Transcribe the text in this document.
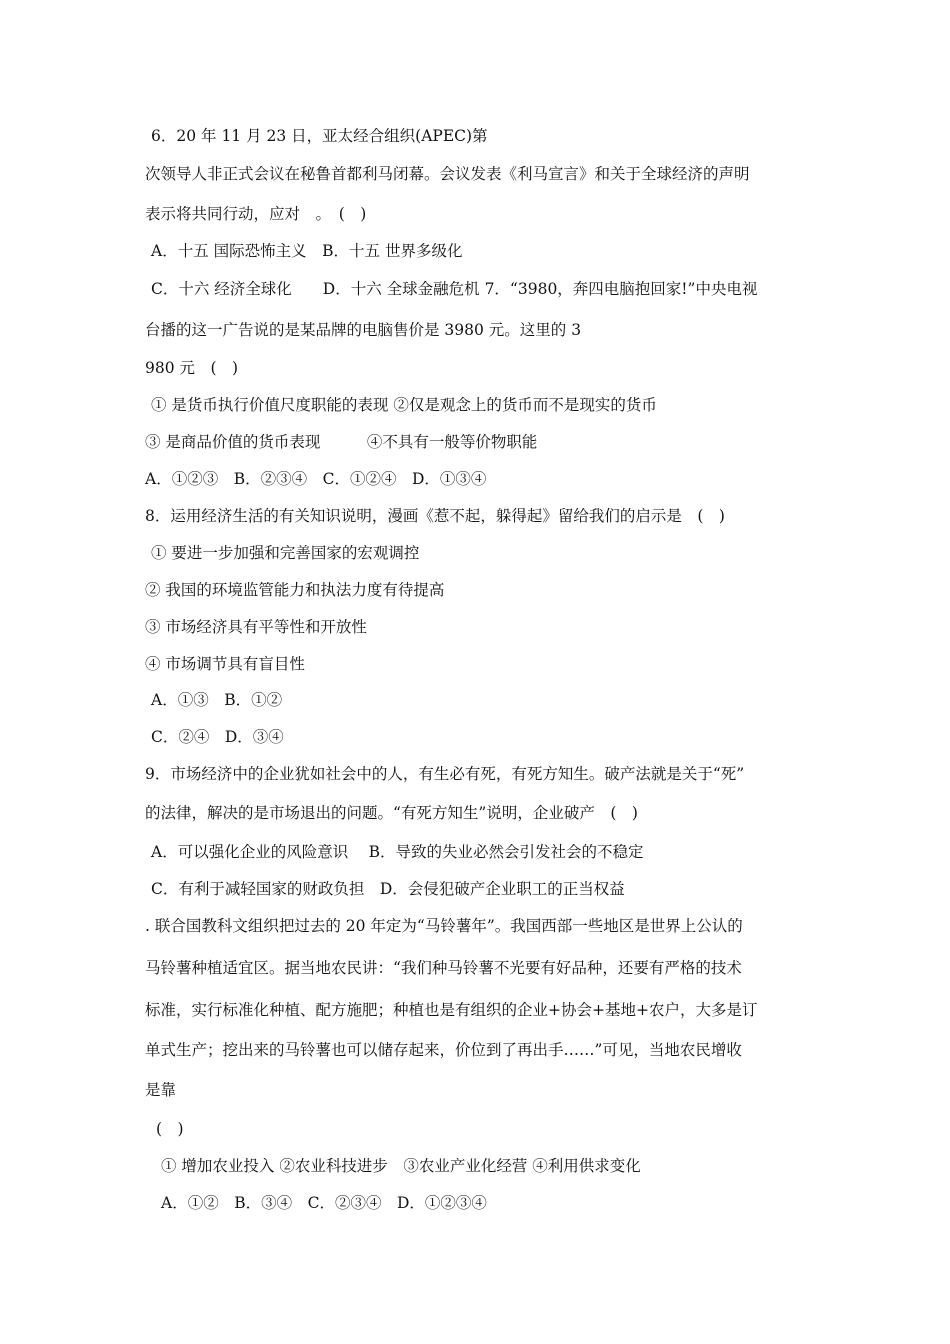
6．20 年 11 月 23 日，亚太经合组织(APEC)第
次领导人非正式会议在秘鲁首都利马闭幕。会议发表《利马宣言》和关于全球经济的声明
表示将共同行动，应对　。　(　)
A．十五 国际恐怖主义　B．十五 世界多级化
C．十六 经济全球化　　D．十六 全球金融危机 7．“3980，奔四电脑抱回家!”中央电视
台播的这一广告说的是某品牌的电脑售价是 3980 元。这里的 3
980 元　(　)
① 是货币执行价值尺度职能的表现 ②仅是观念上的货币而不是现实的货币
③ 是商品价值的货币表现　　　④不具有一般等价物职能
A．①②③　B．②③④　C．①②④　D．①③④
8．运用经济生活的有关知识说明，漫画《惹不起，躲得起》留给我们的启示是　(　)
① 要进一步加强和完善国家的宏观调控
② 我国的环境监管能力和执法力度有待提高
③ 市场经济具有平等性和开放性
④ 市场调节具有盲目性
A．①③　B．①②
C．②④　D．③④
9．市场经济中的企业犹如社会中的人，有生必有死，有死方知生。破产法就是关于“死”
的法律，解决的是市场退出的问题。“有死方知生”说明，企业破产　(　)
A．可以强化企业的风险意识　 B．导致的失业必然会引发社会的不稳定
C．有利于减轻国家的财政负担　D．会侵犯破产企业职工的正当权益
. 联合国教科文组织把过去的 20 年定为“马铃薯年”。我国西部一些地区是世界上公认的
马铃薯种植适宜区。据当地农民讲：“我们种马铃薯不光要有好品种，还要有严格的技术
标准，实行标准化种植、配方施肥；种植也是有组织的企业+协会+基地+农户，大多是订
单式生产；挖出来的马铃薯也可以储存起来，价位到了再出手……”可见，当地农民增收
是靠
(　)
① 增加农业投入 ②农业科技进步　③农业产业化经营 ④利用供求变化
A．①②　B．③④　C．②③④　D．①②③④
